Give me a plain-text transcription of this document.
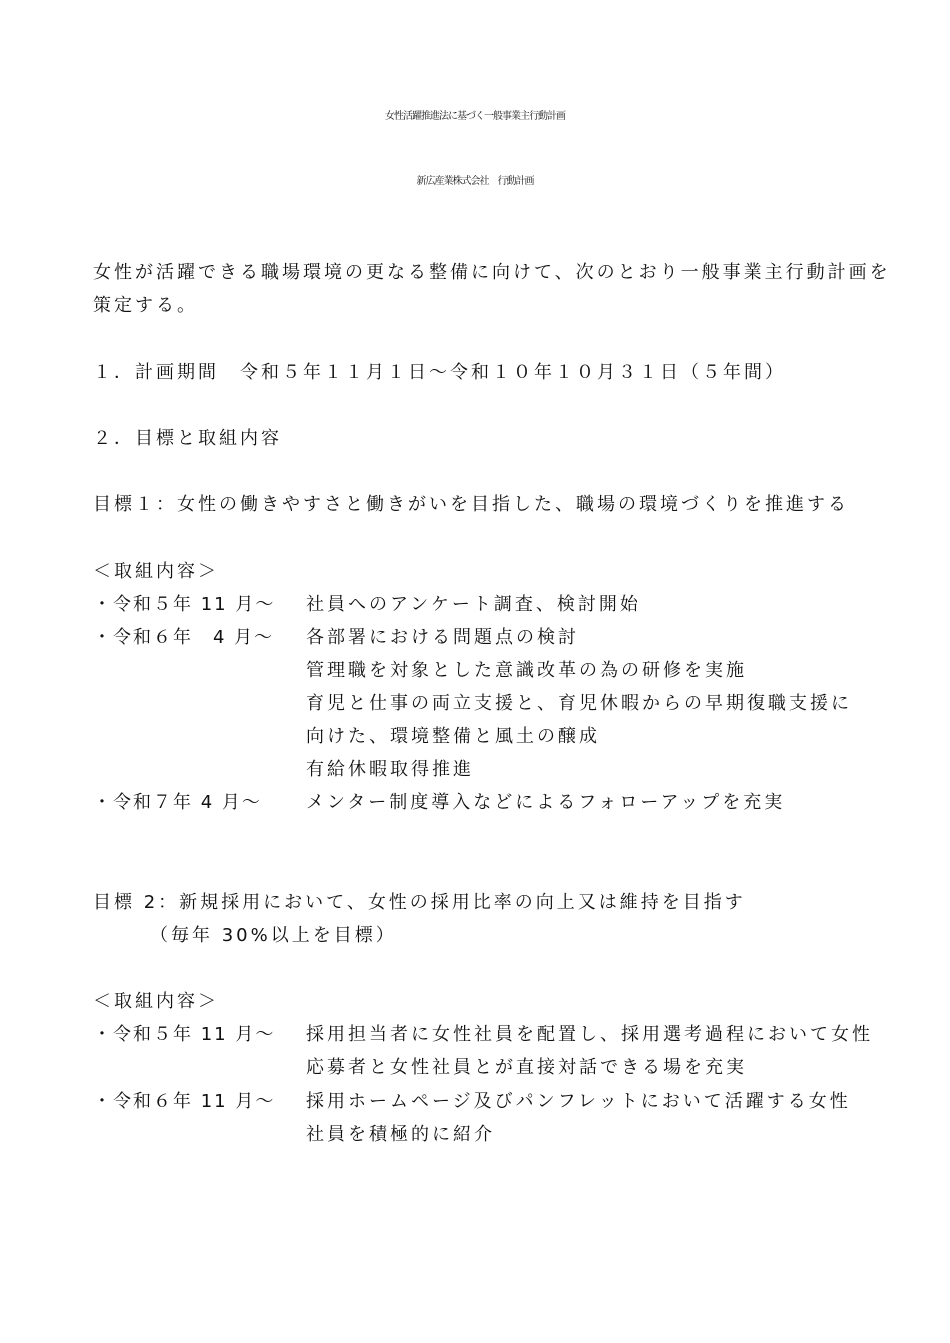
女性活躍推進法に基づく一般事業主行動計画
新広産業株式会社　行動計画
女性が活躍できる職場環境の更なる整備に向けて、次のとおり一般事業主行動計画を
策定する。
１．計画期間　令和５年１１月１日～令和１０年１０月３１日（５年間）
２．目標と取組内容
目標１：女性の働きやすさと働きがいを目指した、職場の環境づくりを推進する
＜取組内容＞
・令和５年 11 月～ 社員へのアンケート調査、検討開始
・令和６年　4 月～ 各部署における問題点の検討
管理職を対象とした意識改革の為の研修を実施
育児と仕事の両立支援と、育児休暇からの早期復職支援に
向けた、環境整備と風土の醸成
有給休暇取得推進
・令和７年 4 月～ メンター制度導入などによるフォローアップを充実
目標 2：新規採用において、女性の採用比率の向上又は維持を目指す
（毎年 30%以上を目標）
＜取組内容＞
・令和５年 11 月～ 採用担当者に女性社員を配置し、採用選考過程において女性
応募者と女性社員とが直接対話できる場を充実
・令和６年 11 月～ 採用ホームページ及びパンフレットにおいて活躍する女性
社員を積極的に紹介
